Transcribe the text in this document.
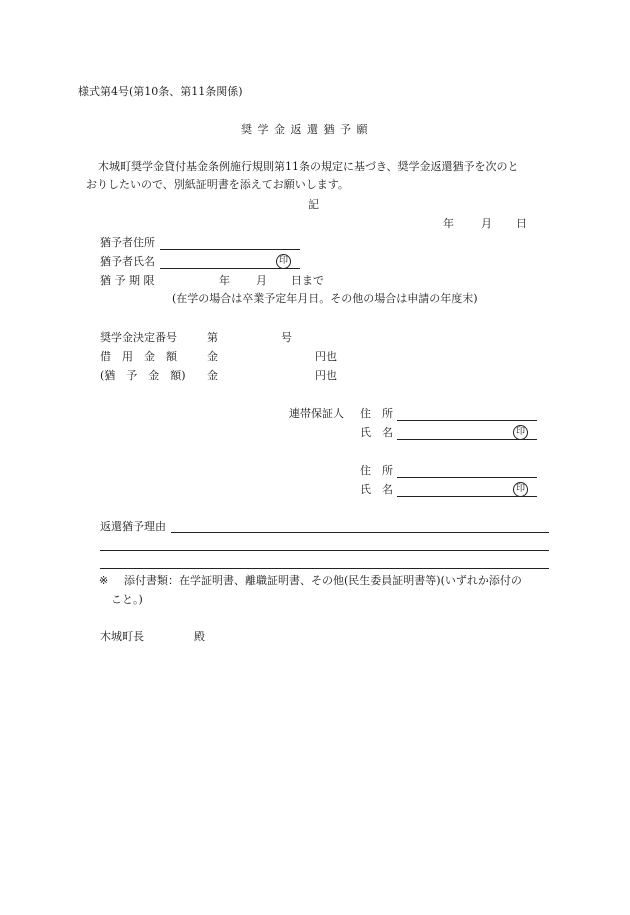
様式第4号(第10条、第11条関係)
奨 学 金 返 還 猶 予 願
木城町奨学金貸付基金条例施行規則第11条の規定に基づき、奨学金返還猶予を次のと
おりしたいので、別紙証明書を添えてお願いします。
記
年 月 日
猶予者住所
猶予者氏名	印
猶 予 期 限	年 月 日まで
(在学の場合は卒業予定年月日。その他の場合は申請の年度末)
奨学金決定番号	第	号
借　用　金　額	金	円也
(猶　予　金　額) 金	円也
連帯保証人 住　所
氏　名	印
住　所
氏　名	印
返還猶予理由
※ 添付書類：在学証明書、離職証明書、その他(民生委員証明書等)(いずれか添付の
こと。)
木城町長	殿
